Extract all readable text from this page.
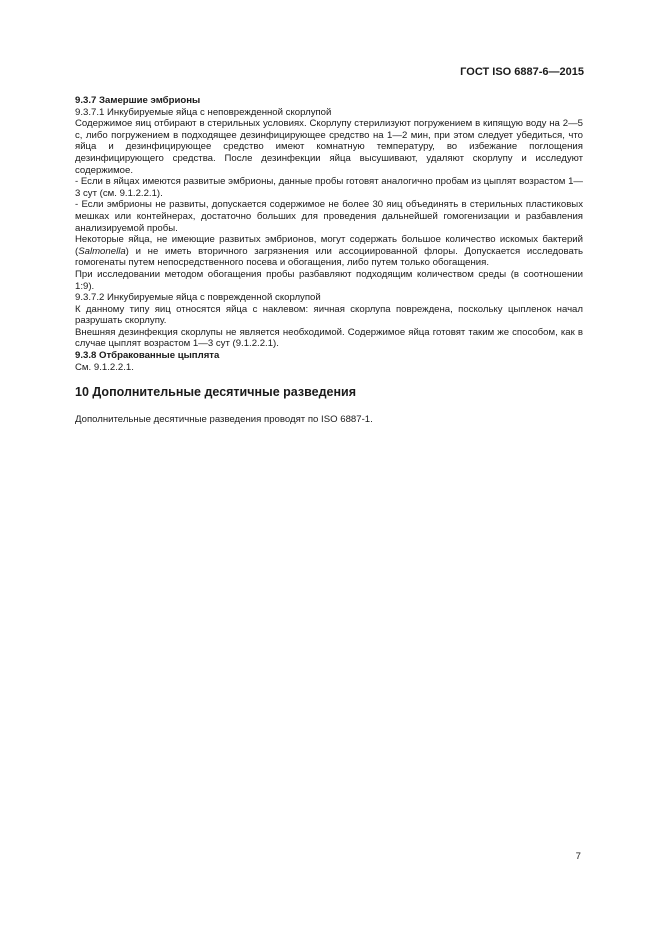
ГОСТ ISO 6887-6—2015

9.3.7 Замершие эмбрионы

9.3.7.1 Инкубируемые яйца с неповрежденной скорлупой

Содержимое яиц отбирают в стерильных условиях. Скорлупу стерилизуют погружением в кипящую воду на 2—5 с, либо погружением в подходящее дезинфицирующее средство на 1—2 мин, при этом следует убедиться, что яйца и дезинфицирующее средство имеют комнатную температуру, во избежание поглощения дезинфицирующего средства. После дезинфекции яйца высушивают, удаляют скорлупу и исследуют содержимое.

- Если в яйцах имеются развитые эмбрионы, данные пробы готовят аналогично пробам из цыплят возрастом 1—3 сут (см. 9.1.2.2.1).

- Если эмбрионы не развиты, допускается содержимое не более 30 яиц объединять в стерильных пластиковых мешках или контейнерах, достаточно больших для проведения дальнейшей гомогенизации и разбавления анализируемой пробы.

Некоторые яйца, не имеющие развитых эмбрионов, могут содержать большое количество искомых бактерий (Salmonella) и не иметь вторичного загрязнения или ассоциированной флоры. Допускается исследовать гомогенаты путем непосредственного посева и обогащения, либо путем только обогащения.

При исследовании методом обогащения пробы разбавляют подходящим количеством среды (в соотношении 1:9).

9.3.7.2 Инкубируемые яйца с поврежденной скорлупой

К данному типу яиц относятся яйца с наклевом: яичная скорлупа повреждена, поскольку цыпленок начал разрушать скорлупу.

Внешняя дезинфекция скорлупы не является необходимой. Содержимое яйца готовят таким же способом, как в случае цыплят возрастом 1—3 сут (9.1.2.2.1).

9.3.8 Отбракованные цыплята

См. 9.1.2.2.1.

10 Дополнительные десятичные разведения

Дополнительные десятичные разведения проводят по ISO 6887-1.

7
